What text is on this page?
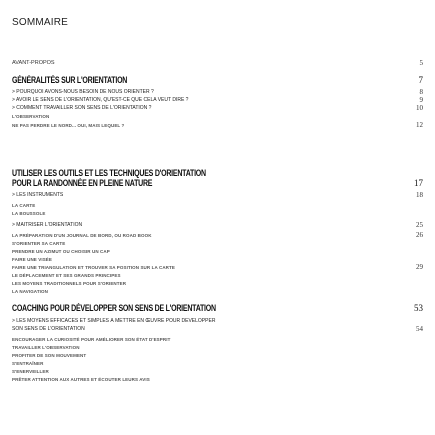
SOMMAIRE
AVANT-PROPOS	5
GÉNÉRALITÉS SUR L'ORIENTATION	7
> POURQUOI AVONS-NOUS BESOIN DE NOUS ORIENTER ?	8
> AVOIR LE SENS DE L'ORIENTATION, QU'EST-CE QUE CELA VEUT DIRE ?	9
> COMMENT TRAVAILLER SON SENS DE L'ORIENTATION ?	10
L'OBSERVATION
NE PAS PERDRE LE NORD... OUI, MAIS LEQUEL ?	12
UTILISER LES OUTILS ET LES TECHNIQUES D'ORIENTATION
POUR LA RANDONNÉE EN PLEINE NATURE	17
> LES INSTRUMENTS	18
LA CARTE
LA BOUSSOLE
> MAÎTRISER L'ORIENTATION	25
LA PRÉPARATION D'UN JOURNAL DE BORD, OU ROAD BOOK	26
S'ORIENTER SA CARTE
PRENDRE UN AZIMUT OU CHOISIR UN CAP
FAIRE UNE VISÉE
FAIRE UNE TRIANGULATION ET TROUVER SA POSITION SUR LA CARTE	29
LE DÉPLACEMENT ET SES GRANDS PRINCIPES
LES MOYENS TRADITIONNELS POUR S'ORIENTER
LA NAVIGATION
COACHING POUR DÉVELOPPER SON SENS DE L'ORIENTATION	53
> LES MOYENS EFFICACES ET SIMPLES À METTRE EN ŒUVRE POUR DÉVELOPPER
SON SENS DE L'ORIENTATION	54
ENCOURAGER LA CURIOSITÉ POUR AMÉLIORER SON ÉTAT D'ESPRIT
TRAVAILLER L'OBSERVATION
PROFITER DE SON MOUVEMENT
S'ENTRAÎNER
S'ENERVEILLER
PRÊTER ATTENTION AUX AUTRES ET ÉCOUTER LEURS AVIS
